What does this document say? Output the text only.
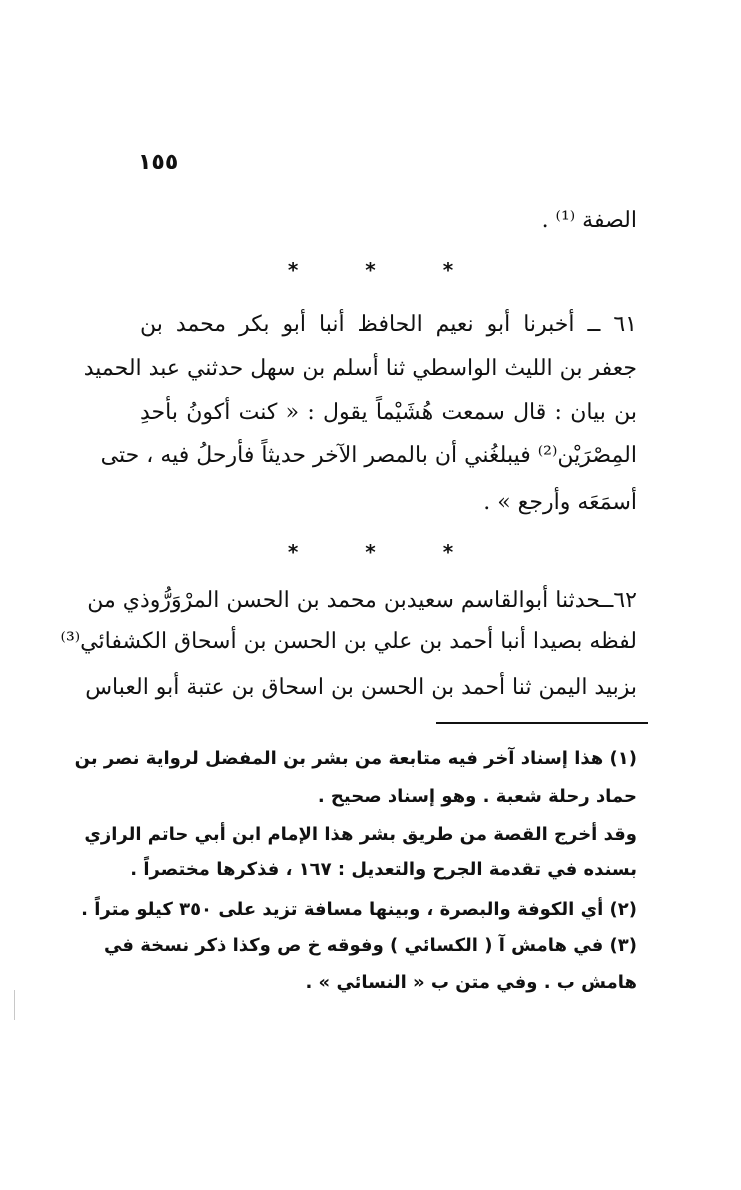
١٥٥
الصفة ⁽¹⁾ .
* * *
٦١ ــ أخبرنا أبو نعيم الحافظ أنبا أبو بكر محمد بن
جعفر بن الليث الواسطي ثنا أسلم بن سهل حدثني عبد الحميد
بن بيان : قال سمعت هُشَيْماً يقول : « كنت أكونُ بأحدِ
المِصْرَيْن⁽²⁾ فيبلغُني أن بالمصر الآخر حديثاً فأرحلُ فيه ، حتى
أسمَعَه وأرجع » .
* * *
٦٢ــحدثنا أبوالقاسم سعيدبن محمد بن الحسن المرْوَرُّوذي من
لفظه بصيدا أنبا أحمد بن علي بن الحسن بن أسحاق الكشفائي⁽³⁾
بزبيد اليمن ثنا أحمد بن الحسن بن اسحاق بن عتبة أبو العباس
(١) هذا إسناد آخر فيه متابعة من بشر بن المفضل لرواية نصر بن
حماد رحلة شعبة . وهو إسناد صحيح .
وقد أخرج القصة من طريق بشر هذا الإمام ابن أبي حاتم الرازي
بسنده في تقدمة الجرح والتعديل : ١٦٧ ، فذكرها مختصراً .
(٢) أي الكوفة والبصرة ، وبينها مسافة تزيد على ٣٥٠ كيلو متراً .
(٣) في هامش آ ( الكسائي ) وفوقه خ ص وكذا ذكر نسخة في
هامش ب . وفي متن ب « النسائي » .
